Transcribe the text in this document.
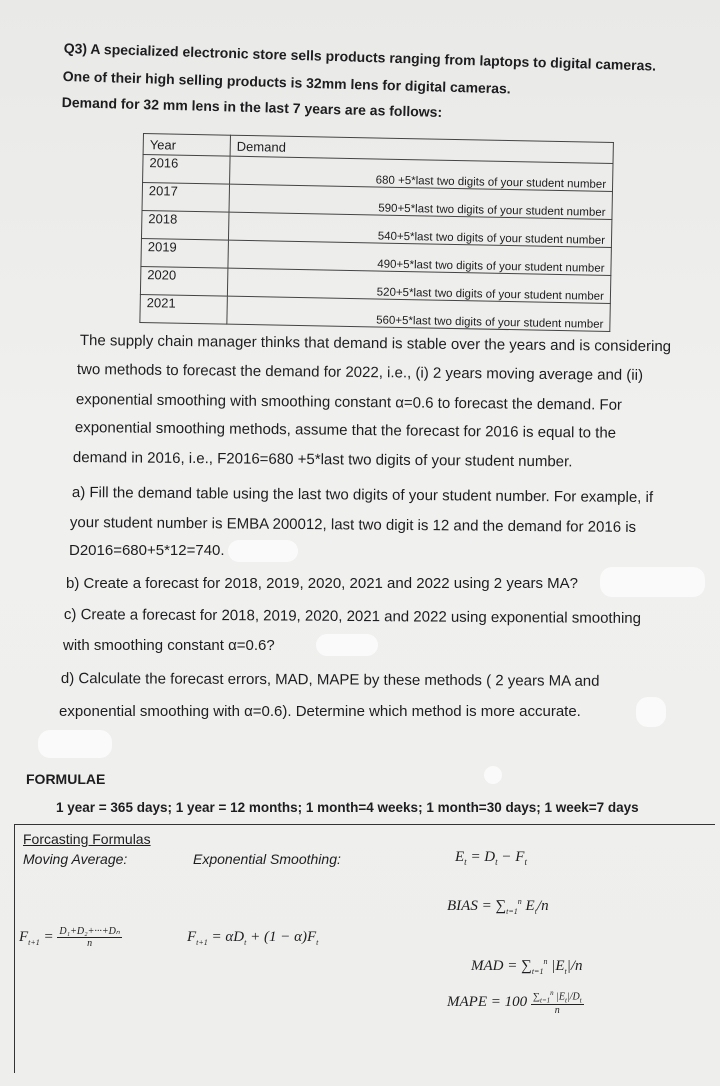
Q3) A specialized electronic store sells products ranging from laptops to digital cameras.
One of their high selling products is 32mm lens for digital cameras.
Demand for 32 mm lens in the last 7 years are as follows:
Year	Demand
2016	680 +5*last two digits of your student number
2017	590+5*last two digits of your student number
2018	540+5*last two digits of your student number
2019	490+5*last two digits of your student number
2020	520+5*last two digits of your student number
2021	560+5*last two digits of your student number
The supply chain manager thinks that demand is stable over the years and is considering
two methods to forecast the demand for 2022, i.e., (i) 2 years moving average and (ii)
exponential smoothing with smoothing constant α=0.6 to forecast the demand. For
exponential smoothing methods, assume that the forecast for 2016 is equal to the
demand in 2016, i.e., F2016=680 +5*last two digits of your student number.
a) Fill the demand table using the last two digits of your student number. For example, if
your student number is EMBA 200012, last two digit is 12 and the demand for 2016 is
D2016=680+5*12=740.
b) Create a forecast for 2018, 2019, 2020, 2021 and 2022 using 2 years MA?
c) Create a forecast for 2018, 2019, 2020, 2021 and 2022 using exponential smoothing
with smoothing constant α=0.6?
d) Calculate the forecast errors, MAD, MAPE by these methods ( 2 years MA and
exponential smoothing with α=0.6). Determine which method is more accurate.
FORMULAE
1 year = 365 days; 1 year = 12 months; 1 month=4 weeks; 1 month=30 days; 1 week=7 days
Forcasting Formulas
Moving Average:	Exponential Smoothing:	$E_t = D_t - F_t$
BIAS = $\sum_{t=1}^n$ $E_t/n$
$F_{t+1} = \frac{\text{D₁+D₂+···+Dₙ}}{n}$	$F_{t+1} = \alpha D_t + (1 - \alpha)F_t$
MAD = $\sum_{t=1}^n$ $|E_t|/n$
MAPE = $100 \frac{\sum_{t=1}^n |E_t|/D_t}{n}$
